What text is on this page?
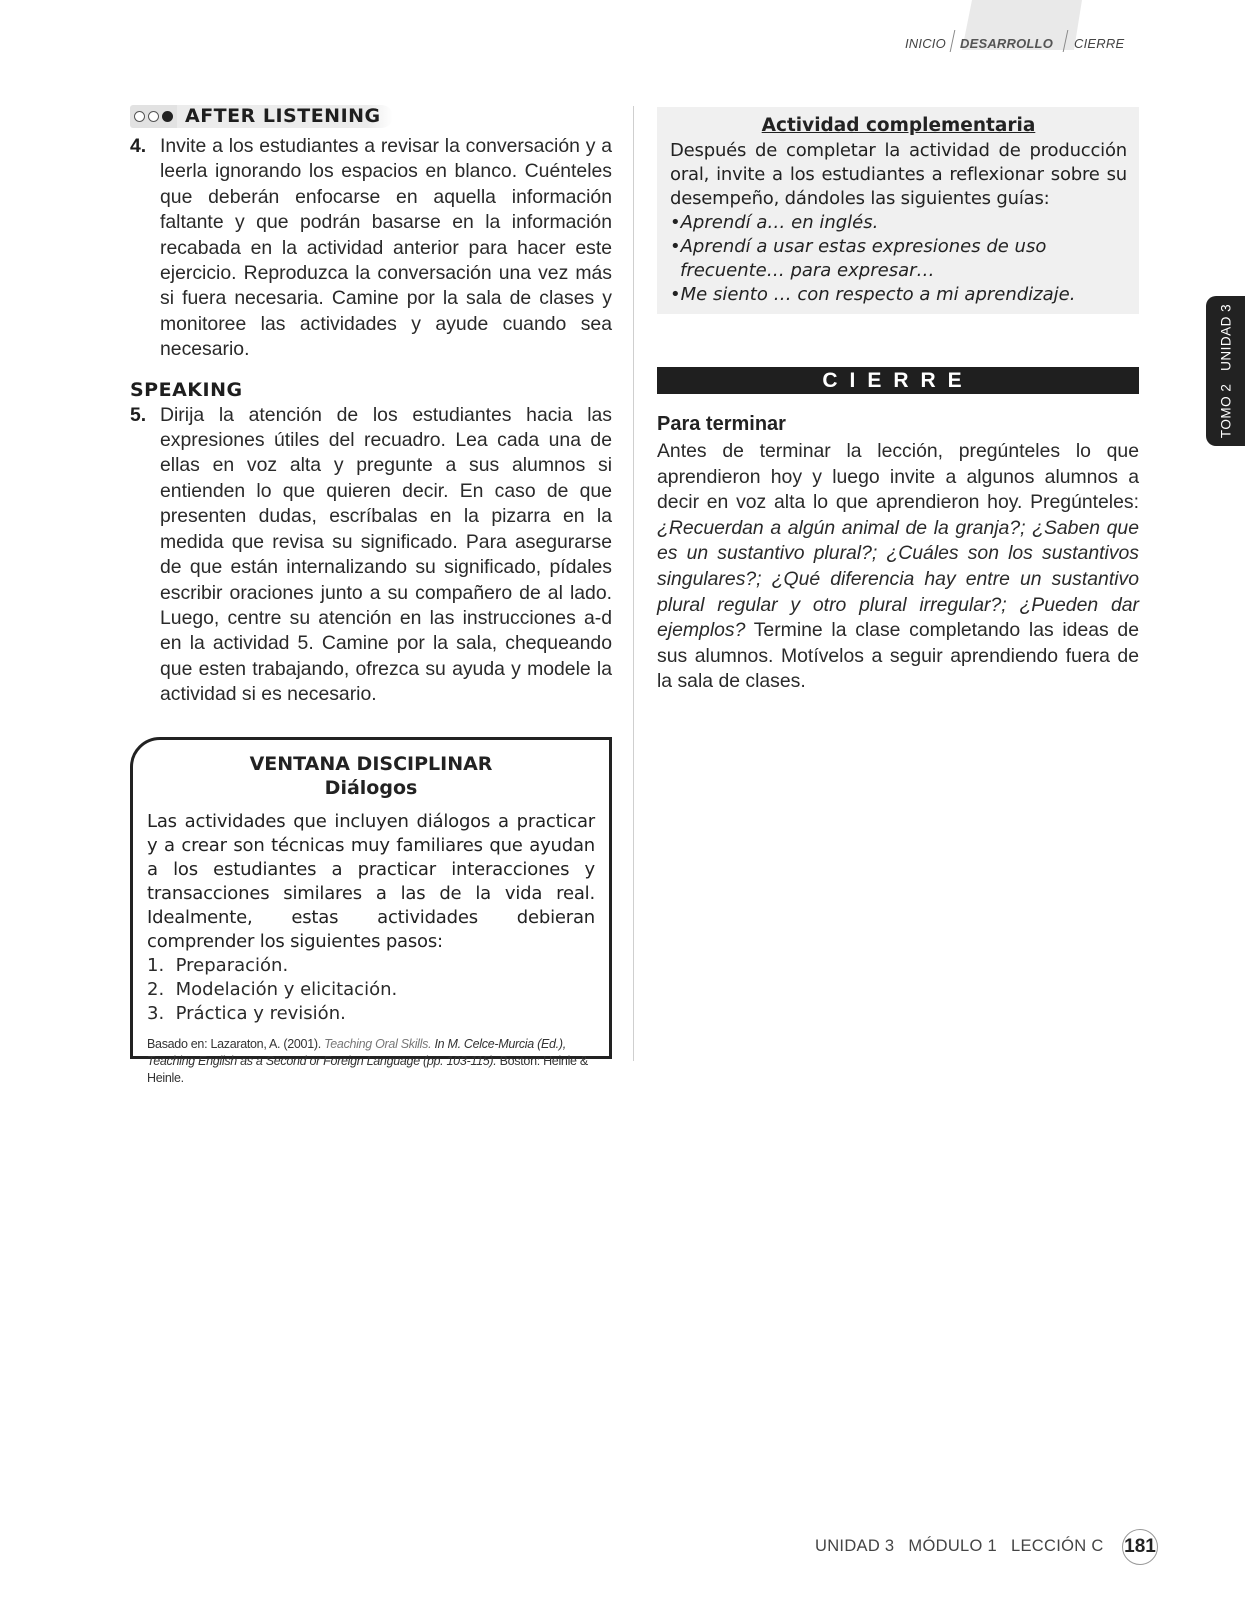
INICIO DESARROLLO CIERRE
TOMO 2   UNIDAD 3
AFTER LISTENING
4. Invite a los estudiantes a revisar la conversación y a leerla ignorando los espacios en blanco. Cuénteles que deberán enfocarse en aquella información faltante y que podrán basarse en la información recabada en la actividad anterior para hacer este ejercicio. Reproduzca la conversación una vez más si fuera necesaria. Camine por la sala de clases y monitoree las actividades y ayude cuando sea necesario.
SPEAKING
5. Dirija la atención de los estudiantes hacia las expresiones útiles del recuadro. Lea cada una de ellas en voz alta y pregunte a sus alumnos si entienden lo que quieren decir. En caso de que presenten dudas, escríbalas en la pizarra en la medida que revisa su significado. Para asegurarse de que están internalizando su significado, pídales escribir oraciones junto a su compañero de al lado. Luego, centre su atención en las instrucciones a-d en la actividad 5. Camine por la sala, chequeando que esten trabajando, ofrezca su ayuda y modele la actividad si es necesario.
VENTANA DISCIPLINAR
Diálogos
Las actividades que incluyen diálogos a practicar y a crear son técnicas muy familiares que ayudan a los estudiantes a practicar interacciones y transacciones similares a las de la vida real. Idealmente, estas actividades debieran comprender los siguientes pasos:
1.  Preparación.
2.  Modelación y elicitación.
3.  Práctica y revisión.
Basado en: Lazaraton, A. (2001). Teaching Oral Skills. In M. Celce-Murcia (Ed.), Teaching English as a Second or Foreign Language (pp. 103-115). Boston: Heinle & Heinle.
Actividad complementaria
Después de completar la actividad de producción oral, invite a los estudiantes a reflexionar sobre su desempeño, dándoles las siguientes guías:
•Aprendí a… en inglés.
•Aprendí a usar estas expresiones de uso frecuente… para expresar…
•Me siento … con respecto a mi aprendizaje.
CIERRE
Para terminar
Antes de terminar la lección, pregúnteles lo que aprendieron hoy y luego invite a algunos alumnos a decir en voz alta lo que aprendieron hoy. Pregúnteles: ¿Recuerdan a algún animal de la granja?; ¿Saben que es un sustantivo plural?; ¿Cuáles son los sustantivos singulares?; ¿Qué diferencia hay entre un sustantivo plural regular y otro plural irregular?; ¿Pueden dar ejemplos? Termine la clase completando las ideas de sus alumnos. Motívelos a seguir aprendiendo fuera de la sala de clases.
UNIDAD 3 MÓDULO 1 LECCIÓN C 181
